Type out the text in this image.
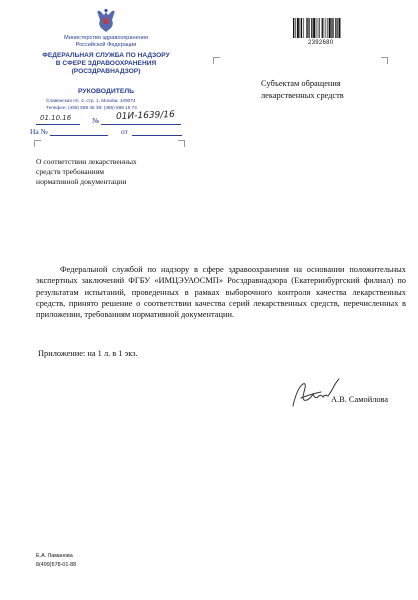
Министерство здравоохранения
Российской Федерации
ФЕДЕРАЛЬНАЯ СЛУЖБА ПО НАДЗОРУ
В СФЕРЕ ЗДРАВООХРАНЕНИЯ
(РОСЗДРАВНАДЗОР)
РУКОВОДИТЕЛЬ
Славянская пл. 4, стр. 1, Москва, 109074
Телефон: (495) 698 45 38; (495) 698 15 74
01.10.16	№ 01И-1639/16
На №	от
О соответствии лекарственных
средств требованиям
нормативной документации
2392680
Субъектам обращения
лекарственных средств
Федеральной службой по надзору в сфере здравоохранения на основании положительных экспертных заключений ФГБУ «ИМЦЭУАОСМП» Росздравнадзора (Екатеринбургский филиал) по результатам испытаний, проведенных в рамках выборочного контроля качества лекарственных средств, принято решение о соответствии качества серий лекарственных средств, перечисленных в приложении, требованиям нормативной документации.
Приложение: на 1 л. в 1 экз.
А.В. Самойлова
Е.А. Ламанова
8(499)578-01-88
